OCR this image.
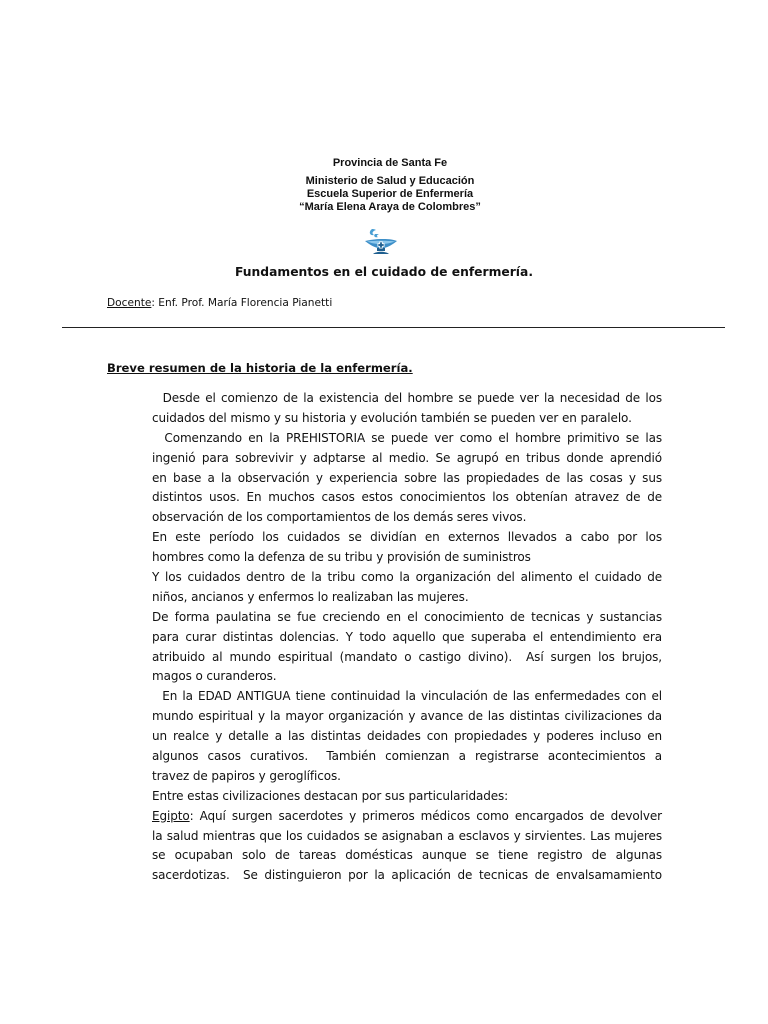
Provincia de Santa Fe
Ministerio de Salud y Educación
Escuela Superior de Enfermería
“María Elena Araya de Colombres”
Fundamentos en el cuidado de enfermería.
Docente: Enf. Prof. María Florencia Pianetti
Breve resumen de la historia de la enfermería.
Desde el comienzo de la existencia del hombre se puede ver la necesidad de los
cuidados del mismo y su historia y evolución también se pueden ver en paralelo.
Comenzando en la PREHISTORIA se puede ver como el hombre primitivo se las
ingenió para sobrevivir y adptarse al medio. Se agrupó en tribus donde aprendió
en base a la observación y experiencia sobre las propiedades de las cosas y sus
distintos usos. En muchos casos estos conocimientos los obtenían atravez de de
observación de los comportamientos de los demás seres vivos.
En este período los cuidados se dividían en externos llevados a cabo por los
hombres como la defenza de su tribu y provisión de suministros
Y los cuidados dentro de la tribu como la organización del alimento el cuidado de
niños, ancianos y enfermos lo realizaban las mujeres.
De forma paulatina se fue creciendo en el conocimiento de tecnicas y sustancias
para curar distintas dolencias. Y todo aquello que superaba el entendimiento era
atribuido al mundo espiritual (mandato o castigo divino).  Así surgen los brujos,
magos o curanderos.
En la EDAD ANTIGUA tiene continuidad la vinculación de las enfermedades con el
mundo espiritual y la mayor organización y avance de las distintas civilizaciones da
un realce y detalle a las distintas deidades con propiedades y poderes incluso en
algunos casos curativos.  También comienzan a registrarse acontecimientos a
travez de papiros y geroglíficos.
Entre estas civilizaciones destacan por sus particularidades:
Egipto: Aquí surgen sacerdotes y primeros médicos como encargados de devolver
la salud mientras que los cuidados se asignaban a esclavos y sirvientes. Las mujeres
se ocupaban solo de tareas domésticas aunque se tiene registro de algunas
sacerdotizas.  Se distinguieron por la aplicación de tecnicas de envalsamamiento
